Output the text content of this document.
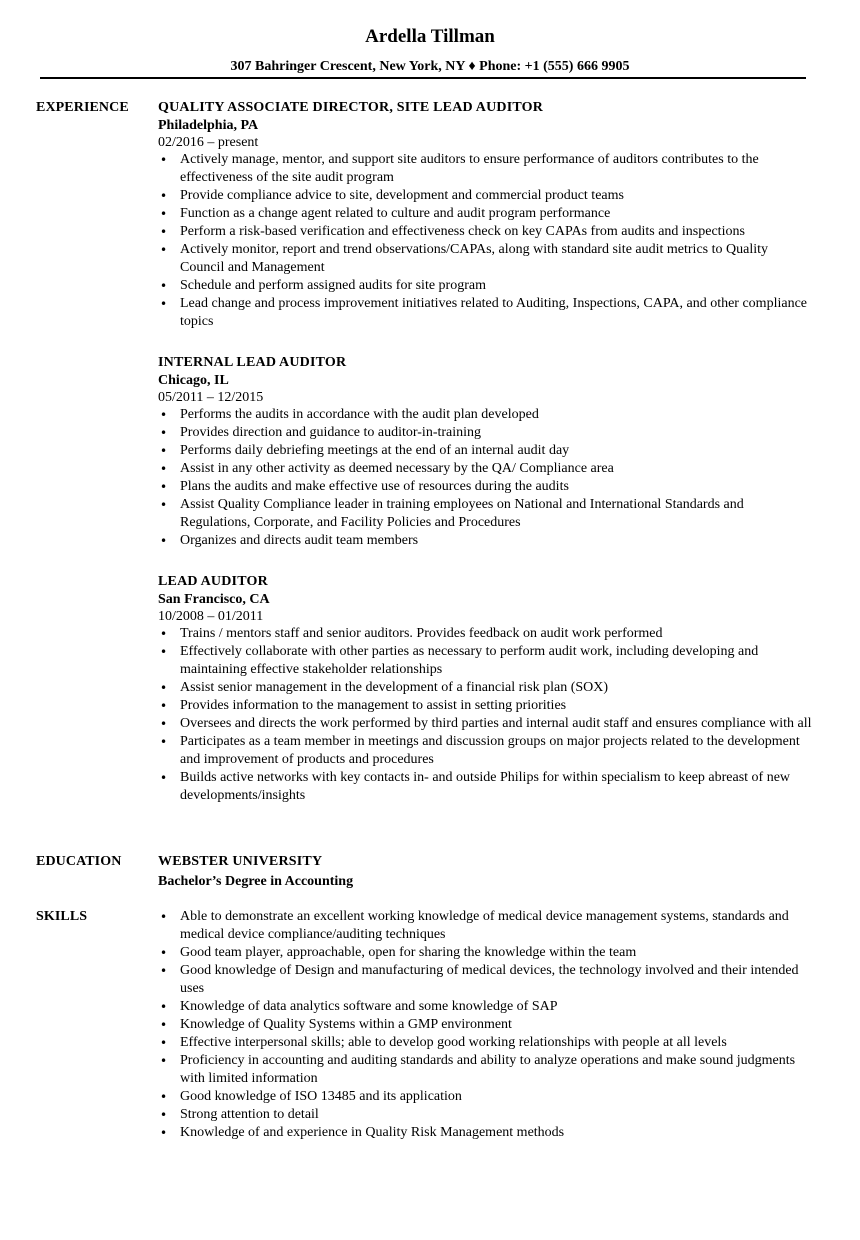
Ardella Tillman
307 Bahringer Crescent, New York, NY ♦ Phone: +1 (555) 666 9905
EXPERIENCE QUALITY ASSOCIATE DIRECTOR, SITE LEAD AUDITOR
Philadelphia, PA
02/2016 – present
• Actively manage, mentor, and support site auditors to ensure performance of auditors contributes to the effectiveness of the site audit program
• Provide compliance advice to site, development and commercial product teams
• Function as a change agent related to culture and audit program performance
• Perform a risk-based verification and effectiveness check on key CAPAs from audits and inspections
• Actively monitor, report and trend observations/CAPAs, along with standard site audit metrics to Quality Council and Management
• Schedule and perform assigned audits for site program
• Lead change and process improvement initiatives related to Auditing, Inspections, CAPA, and other compliance topics
INTERNAL LEAD AUDITOR
Chicago, IL
05/2011 – 12/2015
• Performs the audits in accordance with the audit plan developed
• Provides direction and guidance to auditor-in-training
• Performs daily debriefing meetings at the end of an internal audit day
• Assist in any other activity as deemed necessary by the QA/ Compliance area
• Plans the audits and make effective use of resources during the audits
• Assist Quality Compliance leader in training employees on National and International Standards and Regulations, Corporate, and Facility Policies and Procedures
• Organizes and directs audit team members
LEAD AUDITOR
San Francisco, CA
10/2008 – 01/2011
• Trains / mentors staff and senior auditors. Provides feedback on audit work performed
• Effectively collaborate with other parties as necessary to perform audit work, including developing and maintaining effective stakeholder relationships
• Assist senior management in the development of a financial risk plan (SOX)
• Provides information to the management to assist in setting priorities
• Oversees and directs the work performed by third parties and internal audit staff and ensures compliance with all
• Participates as a team member in meetings and discussion groups on major projects related to the development and improvement of products and procedures
• Builds active networks with key contacts in- and outside Philips for within specialism to keep abreast of new developments/insights
EDUCATION	WEBSTER UNIVERSITY
Bachelor’s Degree in Accounting
SKILLS
•	Able to demonstrate an excellent working knowledge of medical device management systems, standards and medical device compliance/auditing techniques
• Good team player, approachable, open for sharing the knowledge within the team
• Good knowledge of Design and manufacturing of medical devices, the technology involved and their intended uses
• Knowledge of data analytics software and some knowledge of SAP
• Knowledge of Quality Systems within a GMP environment
• Effective interpersonal skills; able to develop good working relationships with people at all levels
• Proficiency in accounting and auditing standards and ability to analyze operations and make sound judgments with limited information
• Good knowledge of ISO 13485 and its application
• Strong attention to detail
• Knowledge of and experience in Quality Risk Management methods
